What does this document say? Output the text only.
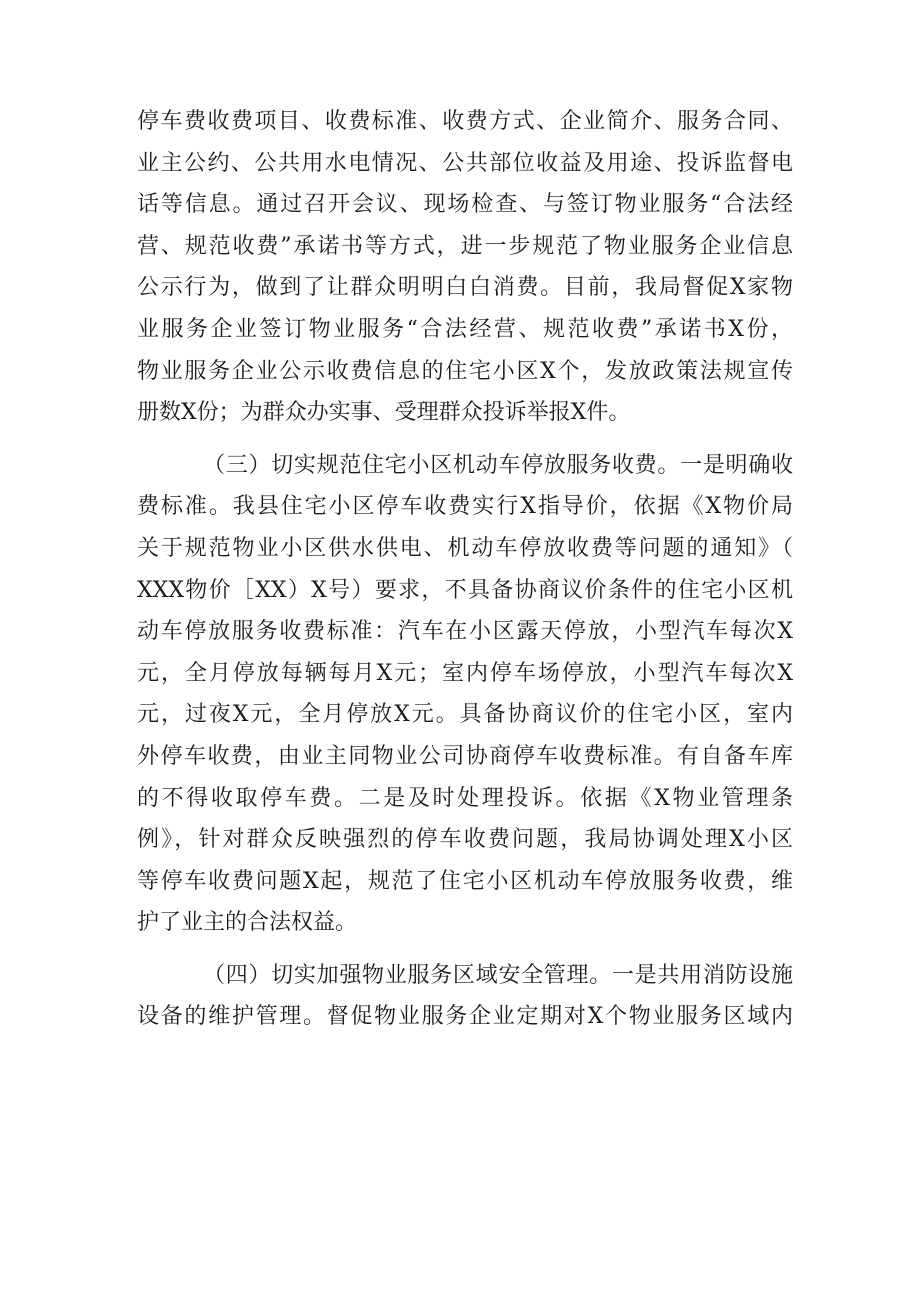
停车费收费项目、收费标准、收费方式、企业简介、服务合同、
业主公约、公共用水电情况、公共部位收益及用途、投诉监督电
话等信息。通过召开会议、现场检查、与签订物业服务“合法经
营、规范收费”承诺书等方式，进一步规范了物业服务企业信息
公示行为，做到了让群众明明白白消费。目前，我局督促X家物
业服务企业签订物业服务“合法经营、规范收费”承诺书X份，
物业服务企业公示收费信息的住宅小区X个，发放政策法规宣传
册数X份；为群众办实事、受理群众投诉举报X件。
（三）切实规范住宅小区机动车停放服务收费。一是明确收
费标准。我县住宅小区停车收费实行X指导价，依据《X物价局
关于规范物业小区供水供电、机动车停放收费等问题的通知》（
XXX物价［XX）X号）要求，不具备协商议价条件的住宅小区机
动车停放服务收费标准：汽车在小区露天停放，小型汽车每次X
元，全月停放每辆每月X元；室内停车场停放，小型汽车每次X
元，过夜X元，全月停放X元。具备协商议价的住宅小区，室内
外停车收费，由业主同物业公司协商停车收费标准。有自备车库
的不得收取停车费。二是及时处理投诉。依据《X物业管理条
例》，针对群众反映强烈的停车收费问题，我局协调处理X小区
等停车收费问题X起，规范了住宅小区机动车停放服务收费，维
护了业主的合法权益。
（四）切实加强物业服务区域安全管理。一是共用消防设施
设备的维护管理。督促物业服务企业定期对X个物业服务区域内
